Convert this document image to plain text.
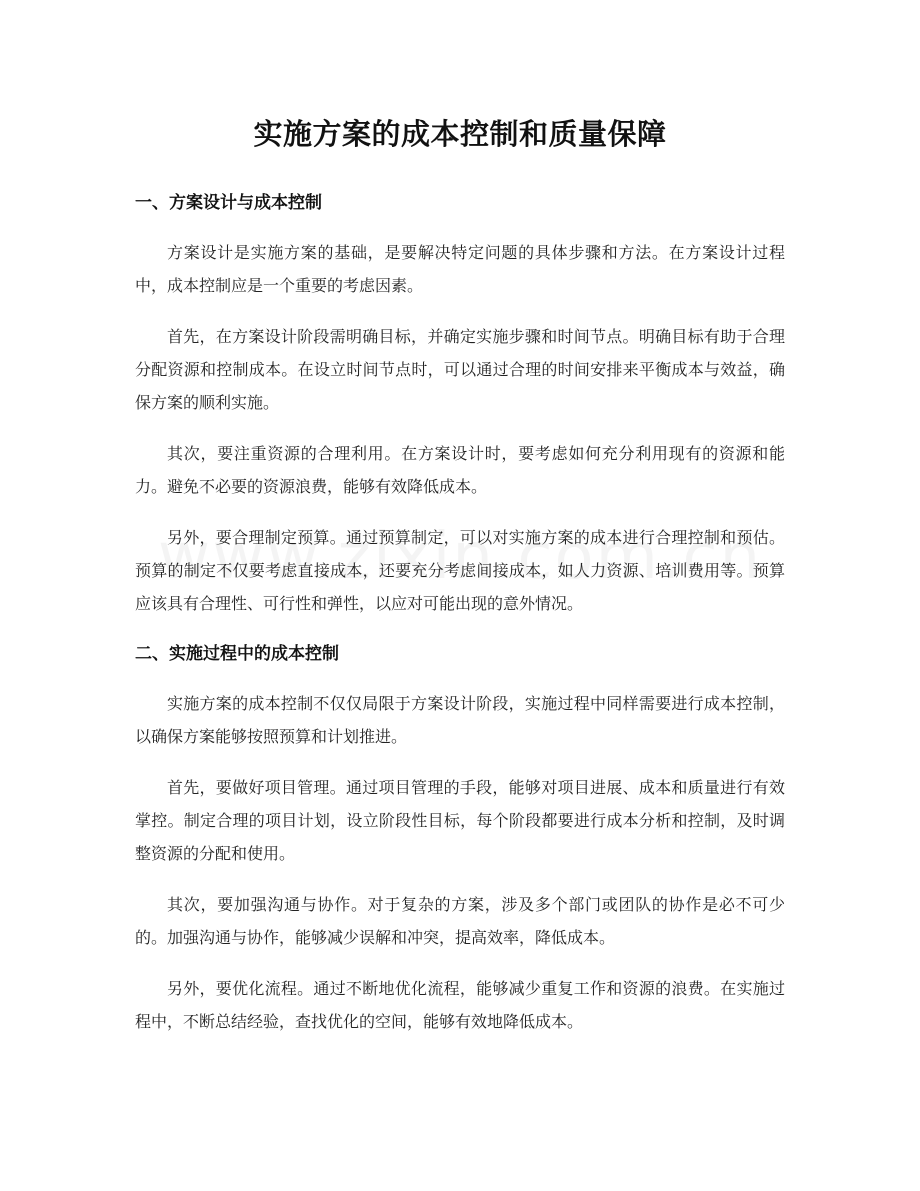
实施方案的成本控制和质量保障
一、方案设计与成本控制

方案设计是实施方案的基础，是要解决特定问题的具体步骤和方法。在方案设计过程中，成本控制应是一个重要的考虑因素。

首先，在方案设计阶段需明确目标，并确定实施步骤和时间节点。明确目标有助于合理分配资源和控制成本。在设立时间节点时，可以通过合理的时间安排来平衡成本与效益，确保方案的顺利实施。

其次，要注重资源的合理利用。在方案设计时，要考虑如何充分利用现有的资源和能力。避免不必要的资源浪费，能够有效降低成本。

另外，要合理制定预算。通过预算制定，可以对实施方案的成本进行合理控制和预估。预算的制定不仅要考虑直接成本，还要充分考虑间接成本，如人力资源、培训费用等。预算应该具有合理性、可行性和弹性，以应对可能出现的意外情况。

二、实施过程中的成本控制

实施方案的成本控制不仅仅局限于方案设计阶段，实施过程中同样需要进行成本控制，以确保方案能够按照预算和计划推进。

首先，要做好项目管理。通过项目管理的手段，能够对项目进展、成本和质量进行有效掌控。制定合理的项目计划，设立阶段性目标，每个阶段都要进行成本分析和控制，及时调整资源的分配和使用。

其次，要加强沟通与协作。对于复杂的方案，涉及多个部门或团队的协作是必不可少的。加强沟通与协作，能够减少误解和冲突，提高效率，降低成本。

另外，要优化流程。通过不断地优化流程，能够减少重复工作和资源的浪费。在实施过程中，不断总结经验，查找优化的空间，能够有效地降低成本。
